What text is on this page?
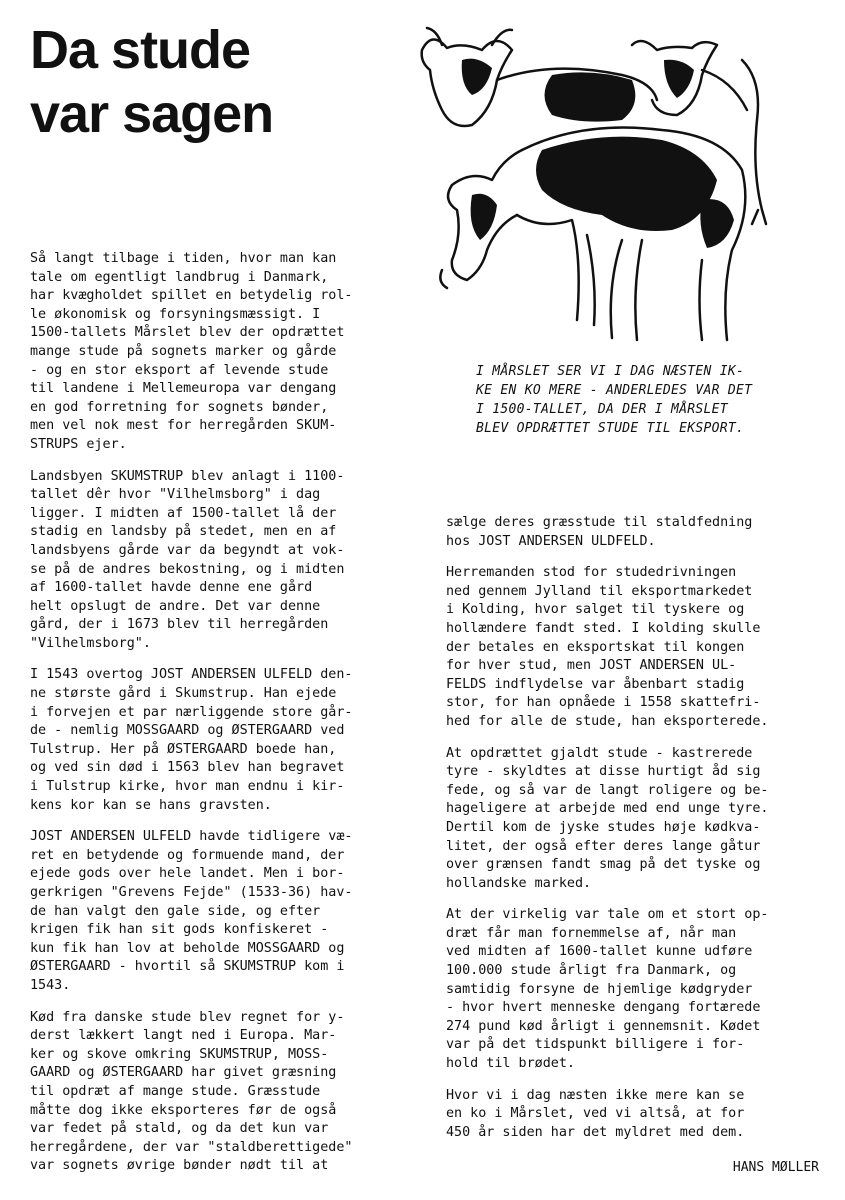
Da stude
var sagen
I MÅRSLET SER VI I DAG NÆSTEN IK-
KE EN KO MERE - ANDERLEDES VAR DET
I 1500-TALLET, DA DER I MÅRSLET
BLEV OPDRÆTTET STUDE TIL EKSPORT.

Så langt tilbage i tiden, hvor man kan
tale om egentligt landbrug i Danmark,
har kvægholdet spillet en betydelig rol-
le økonomisk og forsyningsmæssigt. I
1500-tallets Mårslet blev der opdrættet
mange stude på sognets marker og gårde
- og en stor eksport af levende stude
til landene i Mellemeuropa var dengang
en god forretning for sognets bønder,
men vel nok mest for herregården SKUM-
STRUPS ejer.

Landsbyen SKUMSTRUP blev anlagt i 1100-
tallet dêr hvor "Vilhelmsborg" i dag
ligger. I midten af 1500-tallet lå der
stadig en landsby på stedet, men en af
landsbyens gårde var da begyndt at vok-
se på de andres bekostning, og i midten
af 1600-tallet havde denne ene gård
helt opslugt de andre. Det var denne
gård, der i 1673 blev til herregården
"Vilhelmsborg".

I 1543 overtog JOST ANDERSEN ULFELD den-
ne største gård i Skumstrup. Han ejede
i forvejen et par nærliggende store går-
de - nemlig MOSSGAARD og ØSTERGAARD ved
Tulstrup. Her på ØSTERGAARD boede han,
og ved sin død i 1563 blev han begravet
i Tulstrup kirke, hvor man endnu i kir-
kens kor kan se hans gravsten.

JOST ANDERSEN ULFELD havde tidligere væ-
ret en betydende og formuende mand, der
ejede gods over hele landet. Men i bor-
gerkrigen "Grevens Fejde" (1533-36) hav-
de han valgt den gale side, og efter
krigen fik han sit gods konfiskeret -
kun fik han lov at beholde MOSSGAARD og
ØSTERGAARD - hvortil så SKUMSTRUP kom i
1543.

Kød fra danske stude blev regnet for y-
derst lækkert langt ned i Europa. Mar-
ker og skove omkring SKUMSTRUP, MOSS-
GAARD og ØSTERGAARD har givet græsning
til opdræt af mange stude. Græsstude
måtte dog ikke eksporteres før de også
var fedet på stald, og da det kun var
herregårdene, der var "staldberettigede"
var sognets øvrige bønder nødt til at

sælge deres græsstude til staldfedning
hos JOST ANDERSEN ULDFELD.

Herremanden stod for studedrivningen
ned gennem Jylland til eksportmarkedet
i Kolding, hvor salget til tyskere og
hollændere fandt sted. I kolding skulle
der betales en eksportskat til kongen
for hver stud, men JOST ANDERSEN UL-
FELDS indflydelse var åbenbart stadig
stor, for han opnåede i 1558 skattefri-
hed for alle de stude, han eksporterede.

At opdrættet gjaldt stude - kastrerede
tyre - skyldtes at disse hurtigt åd sig
fede, og så var de langt roligere og be-
hageligere at arbejde med end unge tyre.
Dertil kom de jyske studes høje kødkva-
litet, der også efter deres lange gåtur
over grænsen fandt smag på det tyske og
hollandske marked.

At der virkelig var tale om et stort op-
dræt får man fornemmelse af, når man
ved midten af 1600-tallet kunne udføre
100.000 stude årligt fra Danmark, og
samtidig forsyne de hjemlige kødgryder
- hvor hvert menneske dengang fortærede
274 pund kød årligt i gennemsnit. Kødet
var på det tidspunkt billigere i for-
hold til brødet.

Hvor vi i dag næsten ikke mere kan se
en ko i Mårslet, ved vi altså, at for
450 år siden har det myldret med dem.

HANS MØLLER
